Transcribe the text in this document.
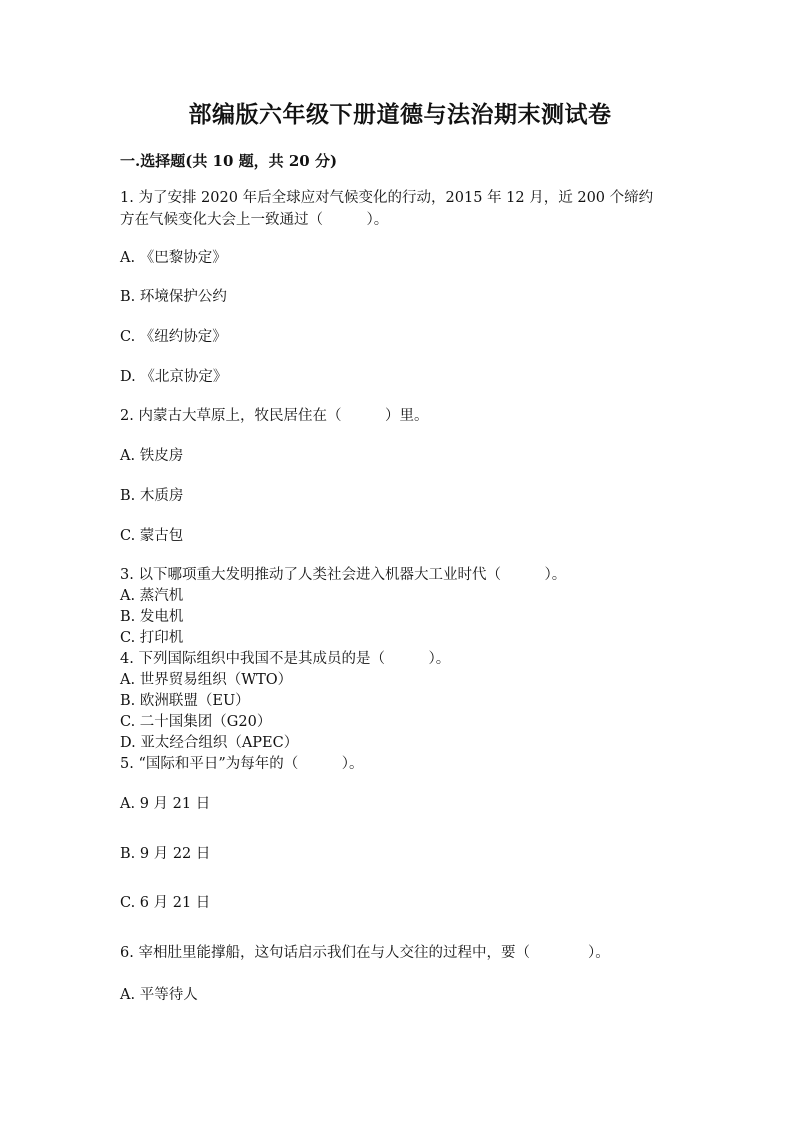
部编版六年级下册道德与法治期末测试卷
一.选择题(共 10 题，共 20 分)
1. 为了安排 2020 年后全球应对气候变化的行动，2015 年 12 月，近 200 个缔约
方在气候变化大会上一致通过（　　　）。
A. 《巴黎协定》
B. 环境保护公约
C. 《纽约协定》
D. 《北京协定》
2. 内蒙古大草原上，牧民居住在（　　　）里。
A. 铁皮房
B. 木质房
C. 蒙古包
3. 以下哪项重大发明推动了人类社会进入机器大工业时代（　　　）。
A. 蒸汽机
B. 发电机
C. 打印机
4. 下列国际组织中我国不是其成员的是（　　　）。
A. 世界贸易组织（WTO）
B. 欧洲联盟（EU）
C. 二十国集团（G20）
D. 亚太经合组织（APEC）
5. “国际和平日”为每年的（　　　）。
A. 9 月 21 日
B. 9 月 22 日
C. 6 月 21 日
6. 宰相肚里能撑船，这句话启示我们在与人交往的过程中，要（　　　　）。
A. 平等待人
